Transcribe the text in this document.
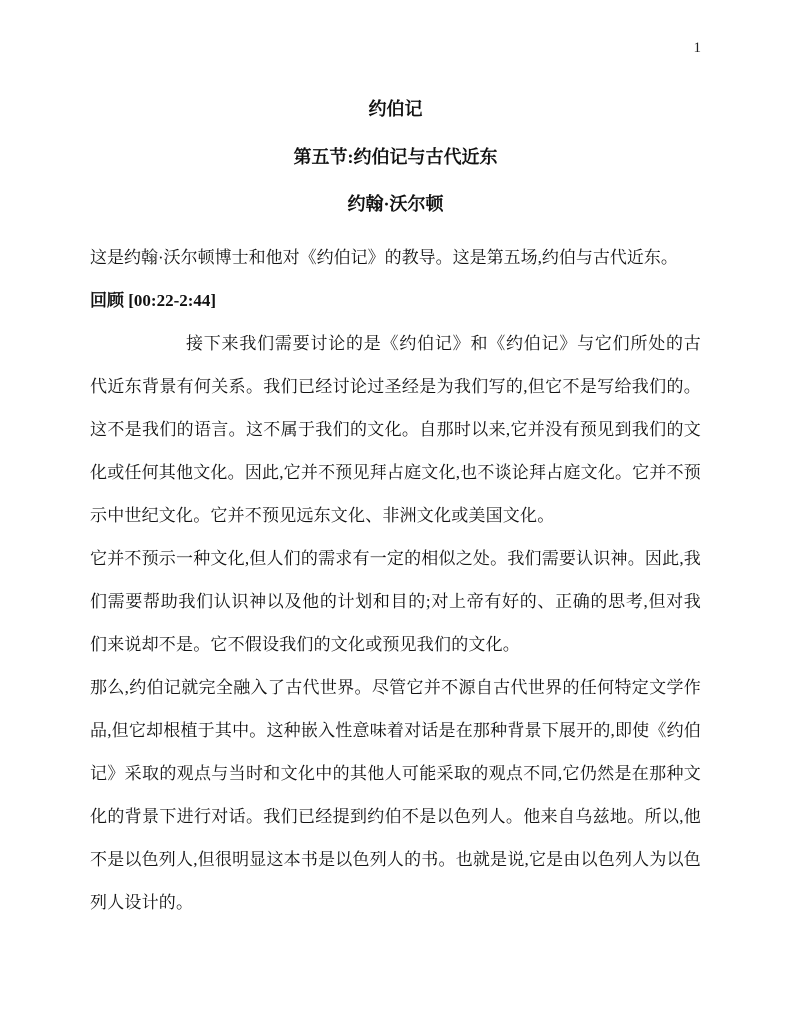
1
约伯记
第五节:约伯记与古代近东
约翰·沃尔顿

这是约翰·沃尔顿博士和他对《约伯记》的教导。这是第五场,约伯与古代近东。

回顾 [00:22-2:44]

接下来我们需要讨论的是《约伯记》和《约伯记》与它们所处的古代近东背景有何关系。我们已经讨论过圣经是为我们写的,但它不是写给我们的。这不是我们的语言。这不属于我们的文化。自那时以来,它并没有预见到我们的文化或任何其他文化。因此,它并不预见拜占庭文化,也不谈论拜占庭文化。它并不预示中世纪文化。它并不预见远东文化、非洲文化或美国文化。

它并不预示一种文化,但人们的需求有一定的相似之处。我们需要认识神。因此,我们需要帮助我们认识神以及他的计划和目的;对上帝有好的、正确的思考,但对我们来说却不是。它不假设我们的文化或预见我们的文化。

那么,约伯记就完全融入了古代世界。尽管它并不源自古代世界的任何特定文学作品,但它却根植于其中。这种嵌入性意味着对话是在那种背景下展开的,即使《约伯记》采取的观点与当时和文化中的其他人可能采取的观点不同,它仍然是在那种文化的背景下进行对话。我们已经提到约伯不是以色列人。他来自乌兹地。所以,他不是以色列人,但很明显这本书是以色列人的书。也就是说,它是由以色列人为以色列人设计的。
